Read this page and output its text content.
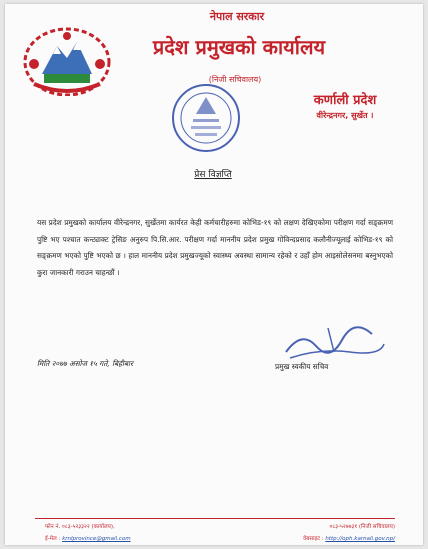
नेपाल सरकार
प्रदेश प्रमुखको कार्यालय
(निजी सचिवालय)
कर्णाली प्रदेश
वीरेन्द्रनगर, सुर्खेत ।
प्रेस विज्ञप्ति
यस प्रदेश प्रमुखको कार्यालय वीरेन्द्रनगर, सुर्खेतमा कार्यरत केही कर्मचारीहरुमा कोभिड-१९ को लक्षण देखिएकोमा परीक्षण गर्दा सङ्क्रमण पुष्टि भए पश्चात कन्ट्याक्ट ट्रेसिङ अनुरुप पि.सि.आर. परीक्षण गर्दा माननीय प्रदेश प्रमुख गोविन्दप्रसाद कलौनीज्यूलाई कोभिड-१९ को सङ्क्रमण भएको पुष्टि भएको छ । हाल माननीय प्रदेश प्रमुखज्यूको स्वास्थ्य अवस्था सामान्य रहेको र उहाँ होम आइसोलेसनमा बस्नुभएको कुरा जानकारी गराउन चाहन्छौं ।
मिति २०७७ असोज १५ गते, बिहीबार	प्रमुख स्वकीय सचिव
फोन नं. ०८३-५२३३२२ (कार्यालय),	०८३-५२७७३१ (निजी सचिवालय)
ई-मेल : krnlprovince@gmail.com	वेबसाइट : http://oph.karnali.gov.np/
